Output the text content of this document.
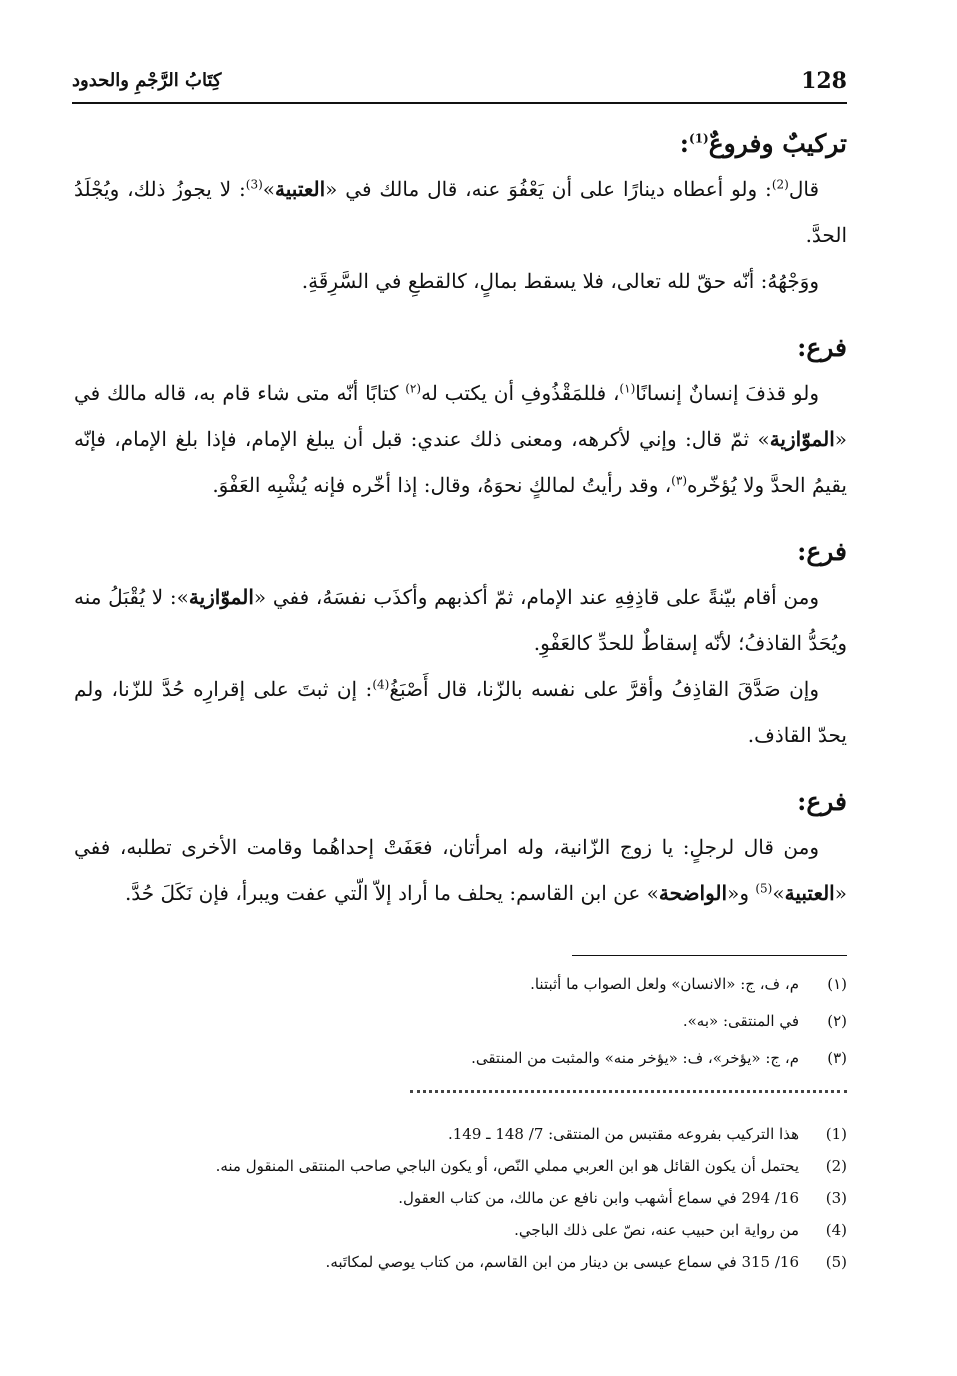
128
كِتَابُ الرَّجْمِ والحدود
تركيبٌ وفروعٌ$^{(1)}$:

قال$^{(2)}$: ولو أعطاه دينارًا على أن يَعْفُوَ عنه، قال مالك في «العتبية»$^{(3)}$: لا يجوزُ ذلك، ويُجْلَدُ الحدَّ.

ووَجْهُهُ: أنّه حقّ لله تعالى، فلا يسقط بمالٍ، كالقطعِ في السَّرِقَةِ.

فرع:

ولو قذفَ إنسانٌ إنسانًا$^{(١)}$، فللمَقْذُوفِ أن يكتب له$^{(٢)}$ كتابًا أنّه متى شاء قام به، قاله مالك في «الموّازية» ثمّ قال: وإني لأكرهه، ومعنى ذلك عندي: قبل أن يبلغ الإمام، فإذا بلغ الإمام، فإنّه يقيمُ الحدَّ ولا يُؤخّره$^{(٣)}$، وقد رأيتُ لمالكٍ نحوَهُ، وقال: إذا أخّره فإنه يُشْبِه العَفْوَ.

فرع:

ومن أقام بيّنةً على قاذِفِهِ عند الإمام، ثمّ أكذبهم وأكذَب نفسَهُ، ففي «الموّازية»: لا يُقْبَلُ منه ويُحَدُّ القاذفُ؛ لأنّه إسقاطٌ للحدِّ كالعَفْوِ.

وإن صَدَّقَ القاذِفُ وأقرَّ على نفسه بالزّنا، قال أَصْبَغُ$^{(4)}$: إن ثبتَ على إقرارِه حُدَّ للزّنا، ولم يحدّ القاذف.

فرع:

ومن قال لرجلٍ: يا زوج الزّانية، وله امرأتان، فعَفَتْ إحداهُما وقامت الأخرى تطلبه، ففي «العتبية»$^{(5)}$ و«الواضحة» عن ابن القاسم: يحلف ما أراد إلاّ الّتي عفت ويبرأ، فإن نَكَلَ حُدَّ.

(١)م، ف، ج: «الانسان» ولعل الصواب ما أثبتنا.
(٢)في المنتقى: «به».
(٣)م، ج: «يؤخر»، ف: «يؤخر منه» والمثبت من المنتقى.
(1)هذا التركيب بفروعه مقتبس من المنتقى: 7/ 148 ـ 149.
(2)يحتمل أن يكون القائل هو ابن العربي مملي النّص، أو يكون الباجي صاحب المنتقى المنقول منه.
(3)16/ 294 في سماع أشهب وابن نافع عن مالك، من كتاب العقول.
(4)من رواية ابن حبيب عنه، نصّ على ذلك الباجي.
(5)16/ 315 في سماع عيسى بن دينار من ابن القاسم، من كتاب يوصي لمكاتَبه.
